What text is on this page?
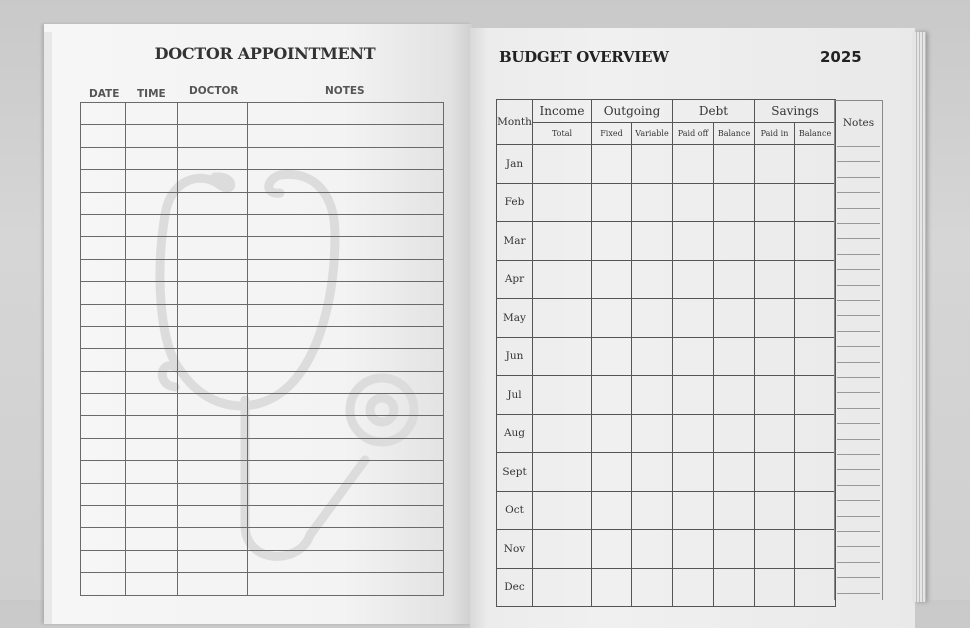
DOCTOR APPOINTMENT
DATE TIME DOCTOR	NOTES

BUDGET OVERVIEW	2025
Month	Income	Outgoing		Debt		Savings	
	Total	Fixed	Variable	Paid off	Balance	Paid in	Balance
Jan							
Feb							
Mar							
Apr							
May							
Jun							
Jul							
Aug							
Sept							
Oct							
Nov							
Dec							
Notes
